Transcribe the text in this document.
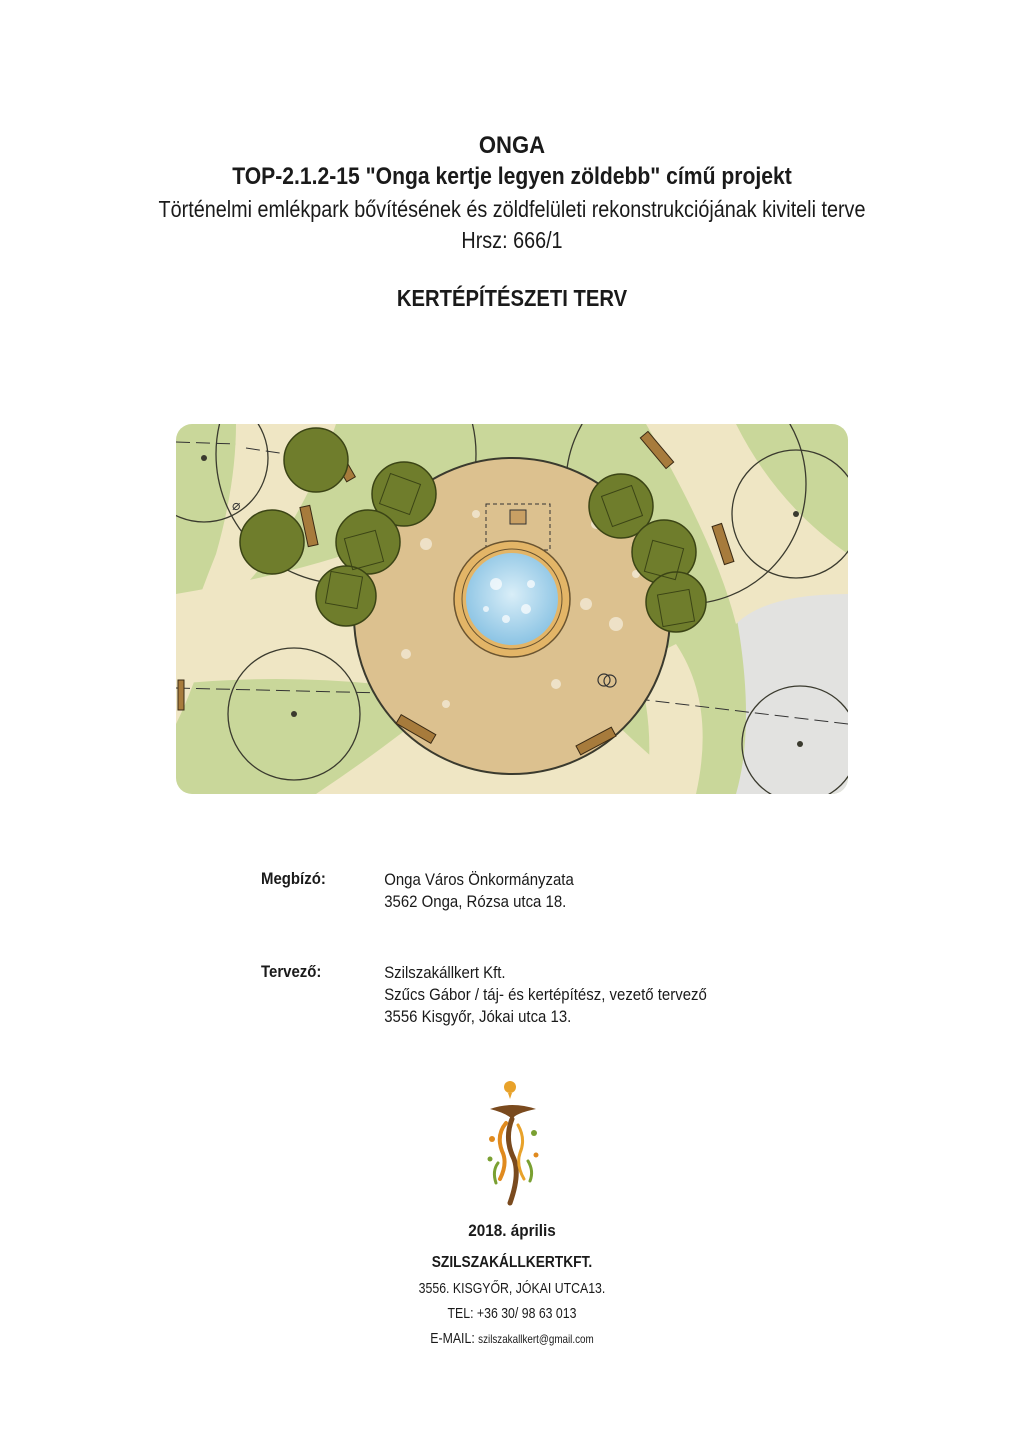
ONGA
TOP-2.1.2-15 "Onga kertje legyen zöldebb" című projekt
Történelmi emlékpark bővítésének és zöldfelületi rekonstrukciójának kiviteli terve
Hrsz: 666/1
KERTÉPÍTÉSZETI TERV
⌀
Megbízó:	Onga Város Önkormányzata
3562 Onga, Rózsa utca 18.
Tervező:	Szilszakállkert Kft.
Szűcs Gábor / táj- és kertépítész, vezető tervező
3556 Kisgyőr, Jókai utca 13.
2018. április
SZILSZAKÁLLKERTKFT.
3556. KISGYŐR, JÓKAI UTCA13.
TEL: +36 30/ 98 63 013
E-MAIL: szilszakallkert@gmail.com
